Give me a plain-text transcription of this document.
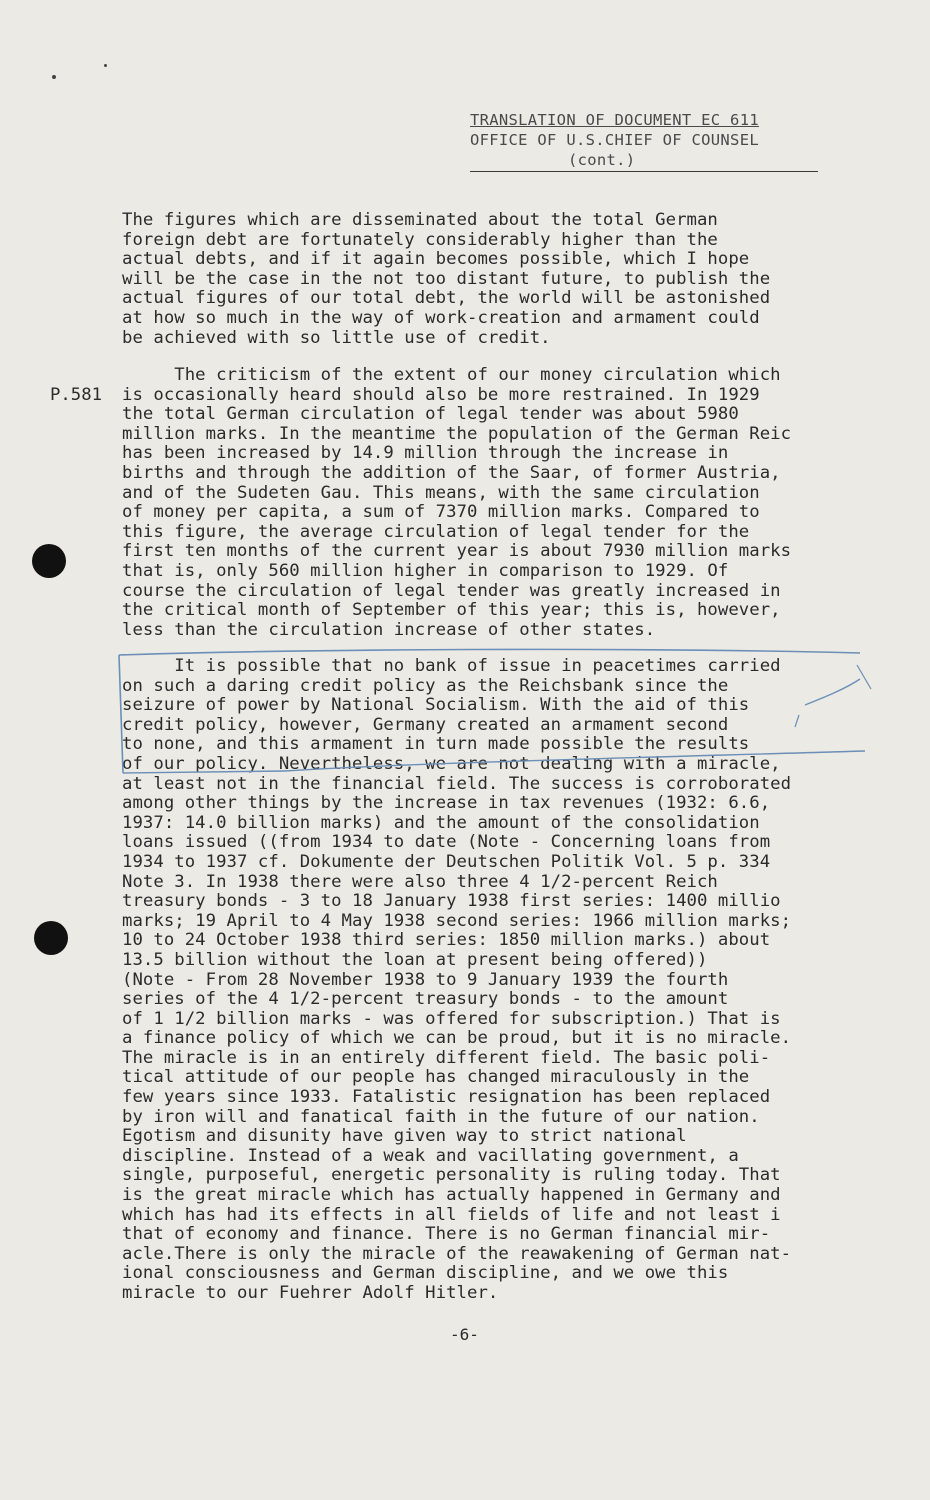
TRANSLATION OF DOCUMENT EC 611
OFFICE OF U.S.CHIEF OF COUNSEL
(cont.)
P.581
The figures which are disseminated about the total German
foreign debt are fortunately considerably higher than the
actual debts, and if it again becomes possible, which I hope
will be the case in the not too distant future, to publish the
actual figures of our total debt, the world will be astonished
at how so much in the way of work-creation and armament could
be achieved with so little use of credit.
The criticism of the extent of our money circulation which
is occasionally heard should also be more restrained. In 1929
the total German circulation of legal tender was about 5980
million marks. In the meantime the population of the German Reic
has been increased by 14.9 million through the increase in
births and through the addition of the Saar, of former Austria,
and of the Sudeten Gau. This means, with the same circulation
of money per capita, a sum of 7370 million marks. Compared to
this figure, the average circulation of legal tender for the
first ten months of the current year is about 7930 million marks
that is, only 560 million higher in comparison to 1929. Of
course the circulation of legal tender was greatly increased in
the critical month of September of this year; this is, however,
less than the circulation increase of other states.
It is possible that no bank of issue in peacetimes carried
on such a daring credit policy as the Reichsbank since the
seizure of power by National Socialism. With the aid of this
credit policy, however, Germany created an armament second
to none, and this armament in turn made possible the results
of our policy. Nevertheless, we are not dealing with a miracle,
at least not in the financial field. The success is corroborated
among other things by the increase in tax revenues (1932: 6.6,
1937: 14.0 billion marks) and the amount of the consolidation
loans issued ((from 1934 to date (Note - Concerning loans from
1934 to 1937 cf. Dokumente der Deutschen Politik Vol. 5 p. 334
Note 3. In 1938 there were also three 4 1/2-percent Reich
treasury bonds - 3 to 18 January 1938 first series: 1400 millio
marks; 19 April to 4 May 1938 second series: 1966 million marks;
10 to 24 October 1938 third series: 1850 million marks.) about
13.5 billion without the loan at present being offered))
(Note - From 28 November 1938 to 9 January 1939 the fourth
series of the 4 1/2-percent treasury bonds - to the amount
of 1 1/2 billion marks - was offered for subscription.) That is
a finance policy of which we can be proud, but it is no miracle.
The miracle is in an entirely different field. The basic poli-
tical attitude of our people has changed miraculously in the
few years since 1933. Fatalistic resignation has been replaced
by iron will and fanatical faith in the future of our nation.
Egotism and disunity have given way to strict national
discipline. Instead of a weak and vacillating government, a
single, purposeful, energetic personality is ruling today. That
is the great miracle which has actually happened in Germany and
which has had its effects in all fields of life and not least i
that of economy and finance. There is no German financial mir-
acle.There is only the miracle of the reawakening of German nat-
ional consciousness and German discipline, and we owe this
miracle to our Fuehrer Adolf Hitler.
-6-
